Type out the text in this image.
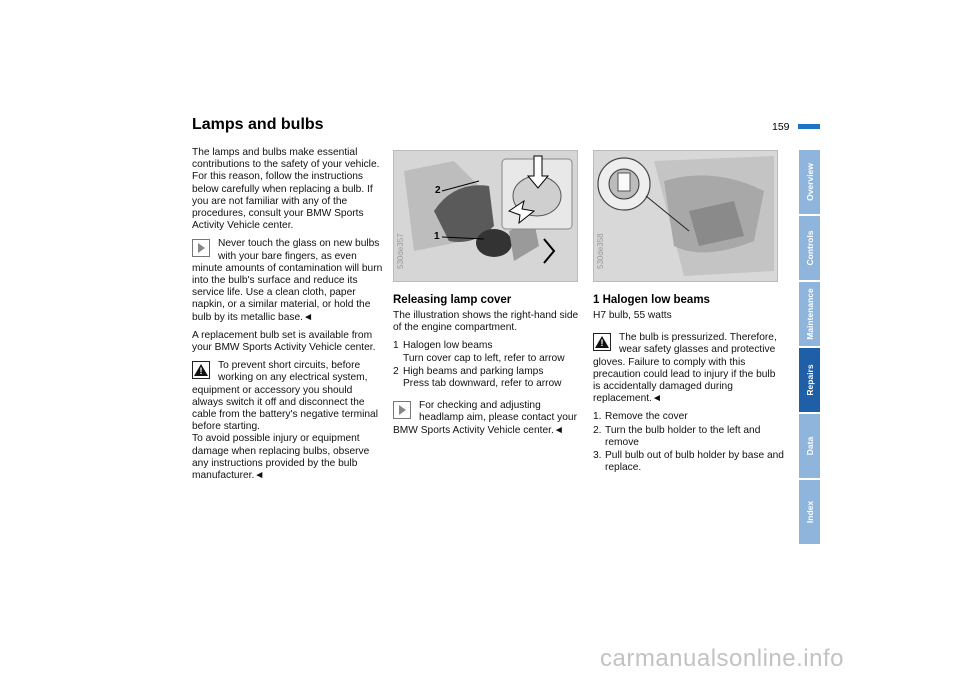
Lamps and bulbs	159

The lamps and bulbs make essential contributions to the safety of your vehicle. For this reason, follow the instructions below carefully when replacing a bulb. If you are not familiar with any of the procedures, consult your BMW Sports Activity Vehicle center.

Never touch the glass on new bulbs with your bare fingers, as even minute amounts of contamination will burn into the bulb's surface and reduce its service life. Use a clean cloth, paper napkin, or a similar material, or hold the bulb by its metallic base.◄

A replacement bulb set is available from your BMW Sports Activity Vehicle center.

!
To prevent short circuits, before working on any electrical system, equipment or accessory you should always switch it off and disconnect the cable from the battery's negative terminal before starting.
To avoid possible injury or equipment damage when replacing bulbs, observe any instructions provided by the bulb manufacturer.◄
2
1
530de357
Releasing lamp cover

The illustration shows the right-hand side of the engine compartment.

1 Halogen low beams
Turn cover cap to left, refer to arrow
2 High beams and parking lamps
Press tab downward, refer to arrow
For checking and adjusting headlamp aim, please contact your BMW Sports Activity Vehicle center.◄
530de358
1 Halogen low beams

H7 bulb, 55 watts

!
The bulb is pressurized. Therefore, wear safety glasses and protective gloves. Failure to comply with this precaution could lead to injury if the bulb is accidentally damaged during replacement.◄
1. Remove the cover
2. Turn the bulb holder to the left and remove
3. Pull bulb out of bulb holder by base and replace.
Overview
Controls
Maintenance
Repairs
Data
Index
carmanualsonline.info
